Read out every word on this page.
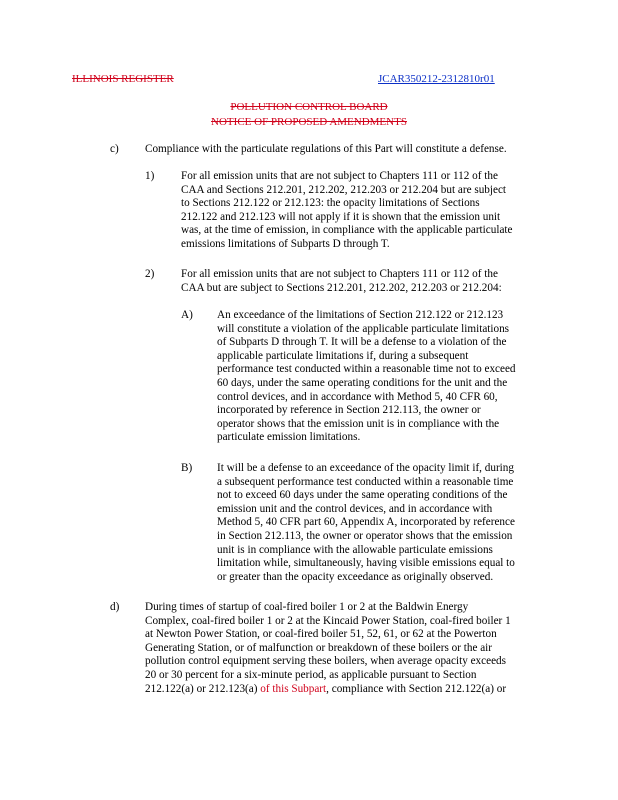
ILLINOIS REGISTER	JCAR350212-2312810r01
POLLUTION CONTROL BOARD
NOTICE OF PROPOSED AMENDMENTS
c) Compliance with the particulate regulations of this Part will constitute a defense.
1) For all emission units that are not subject to Chapters 111 or 112 of the
CAA and Sections 212.201, 212.202, 212.203 or 212.204 but are subject
to Sections 212.122 or 212.123: the opacity limitations of Sections
212.122 and 212.123 will not apply if it is shown that the emission unit
was, at the time of emission, in compliance with the applicable particulate
emissions limitations of Subparts D through T.
2) For all emission units that are not subject to Chapters 111 or 112 of the
CAA but are subject to Sections 212.201, 212.202, 212.203 or 212.204:
A) An exceedance of the limitations of Section 212.122 or 212.123
will constitute a violation of the applicable particulate limitations
of Subparts D through T. It will be a defense to a violation of the
applicable particulate limitations if, during a subsequent
performance test conducted within a reasonable time not to exceed
60 days, under the same operating conditions for the unit and the
control devices, and in accordance with Method 5, 40 CFR 60,
incorporated by reference in Section 212.113, the owner or
operator shows that the emission unit is in compliance with the
particulate emission limitations.
B) It will be a defense to an exceedance of the opacity limit if, during
a subsequent performance test conducted within a reasonable time
not to exceed 60 days under the same operating conditions of the
emission unit and the control devices, and in accordance with
Method 5, 40 CFR part 60, Appendix A, incorporated by reference
in Section 212.113, the owner or operator shows that the emission
unit is in compliance with the allowable particulate emissions
limitation while, simultaneously, having visible emissions equal to
or greater than the opacity exceedance as originally observed.
d) During times of startup of coal-fired boiler 1 or 2 at the Baldwin Energy
Complex, coal-fired boiler 1 or 2 at the Kincaid Power Station, coal-fired boiler 1
at Newton Power Station, or coal-fired boiler 51, 52, 61, or 62 at the Powerton
Generating Station, or of malfunction or breakdown of these boilers or the air
pollution control equipment serving these boilers, when average opacity exceeds
20 or 30 percent for a six-minute period, as applicable pursuant to Section
212.122(a) or 212.123(a) of this Subpart, compliance with Section 212.122(a) or
